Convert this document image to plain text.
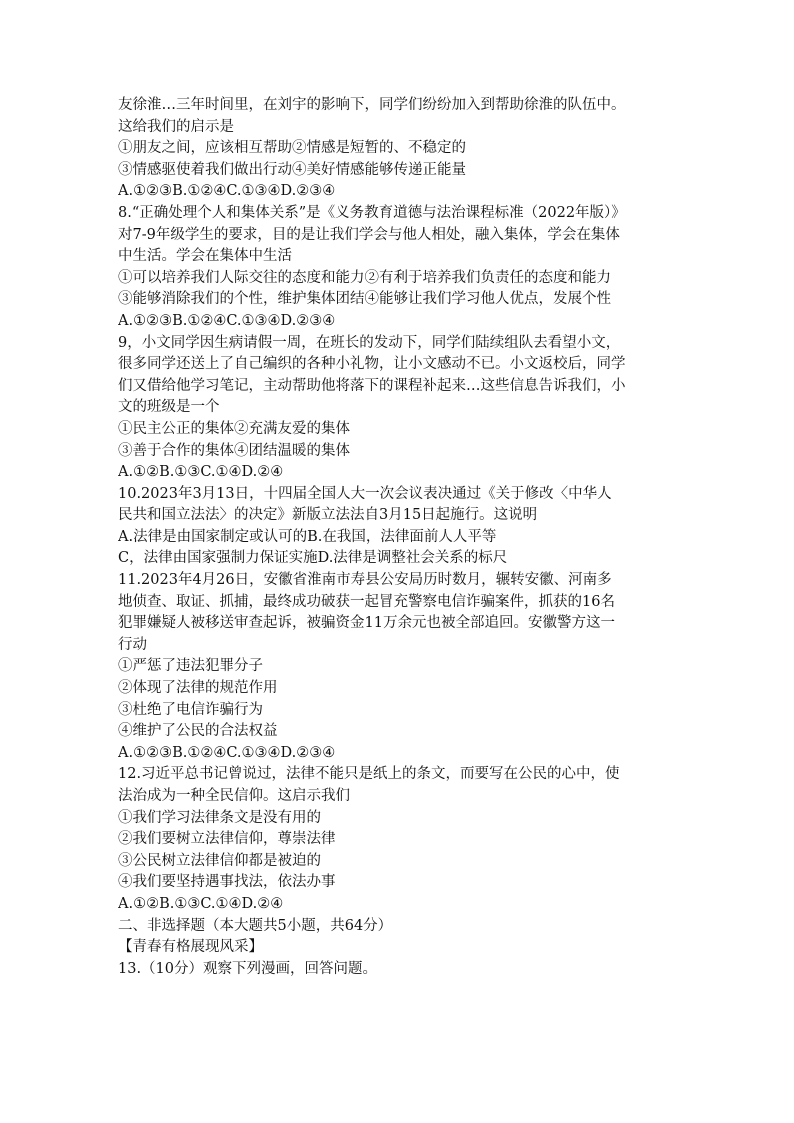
友徐淮…三年时间里，在刘宇的影响下，同学们纷纷加入到帮助徐淮的队伍中。
这给我们的启示是
①朋友之间，应该相互帮助②情感是短暂的、不稳定的
③情感驱使着我们做出行动④美好情感能够传递正能量
A.①②③B.①②④C.①③④D.②③④
8.“正确处理个人和集体关系”是《义务教育道德与法治课程标准（2022年版）》
对7-9年级学生的要求，目的是让我们学会与他人相处，融入集体，学会在集体
中生活。学会在集体中生活
①可以培养我们人际交往的态度和能力②有利于培养我们负责任的态度和能力
③能够消除我们的个性，维护集体团结④能够让我们学习他人优点，发展个性
A.①②③B.①②④C.①③④D.②③④
9，小文同学因生病请假一周，在班长的发动下，同学们陆续组队去看望小文，
很多同学还送上了自己编织的各种小礼物，让小文感动不已。小文返校后，同学
们又借给他学习笔记，主动帮助他将落下的课程补起来…这些信息告诉我们，小
文的班级是一个
①民主公正的集体②充满友爱的集体
③善于合作的集体④团结温暖的集体
A.①②B.①③C.①④D.②④
10.2023年3月13日，十四届全国人大一次会议表决通过《关于修改〈中华人
民共和国立法法〉的决定》新版立法法自3月15日起施行。这说明
A.法律是由国家制定或认可的B.在我国，法律面前人人平等
C，法律由国家强制力保证实施D.法律是调整社会关系的标尺
11.2023年4月26日，安徽省淮南市寿县公安局历时数月，辗转安徽、河南多
地侦查、取证、抓捕，最终成功破获一起冒充警察电信诈骗案件，抓获的16名
犯罪嫌疑人被移送审查起诉，被骗资金11万余元也被全部追回。安徽警方这一
行动
①严惩了违法犯罪分子
②体现了法律的规范作用
③杜绝了电信诈骗行为
④维护了公民的合法权益
A.①②③B.①②④C.①③④D.②③④
12.习近平总书记曾说过，法律不能只是纸上的条文，而要写在公民的心中，使
法治成为一种全民信仰。这启示我们
①我们学习法律条文是没有用的
②我们要树立法律信仰，尊崇法律
③公民树立法律信仰都是被迫的
④我们要坚持遇事找法，依法办事
A.①②B.①③C.①④D.②④
二、非选择题（本大题共5小题，共64分）
【青春有格展现风采】
13.（10分）观察下列漫画，回答问题。
